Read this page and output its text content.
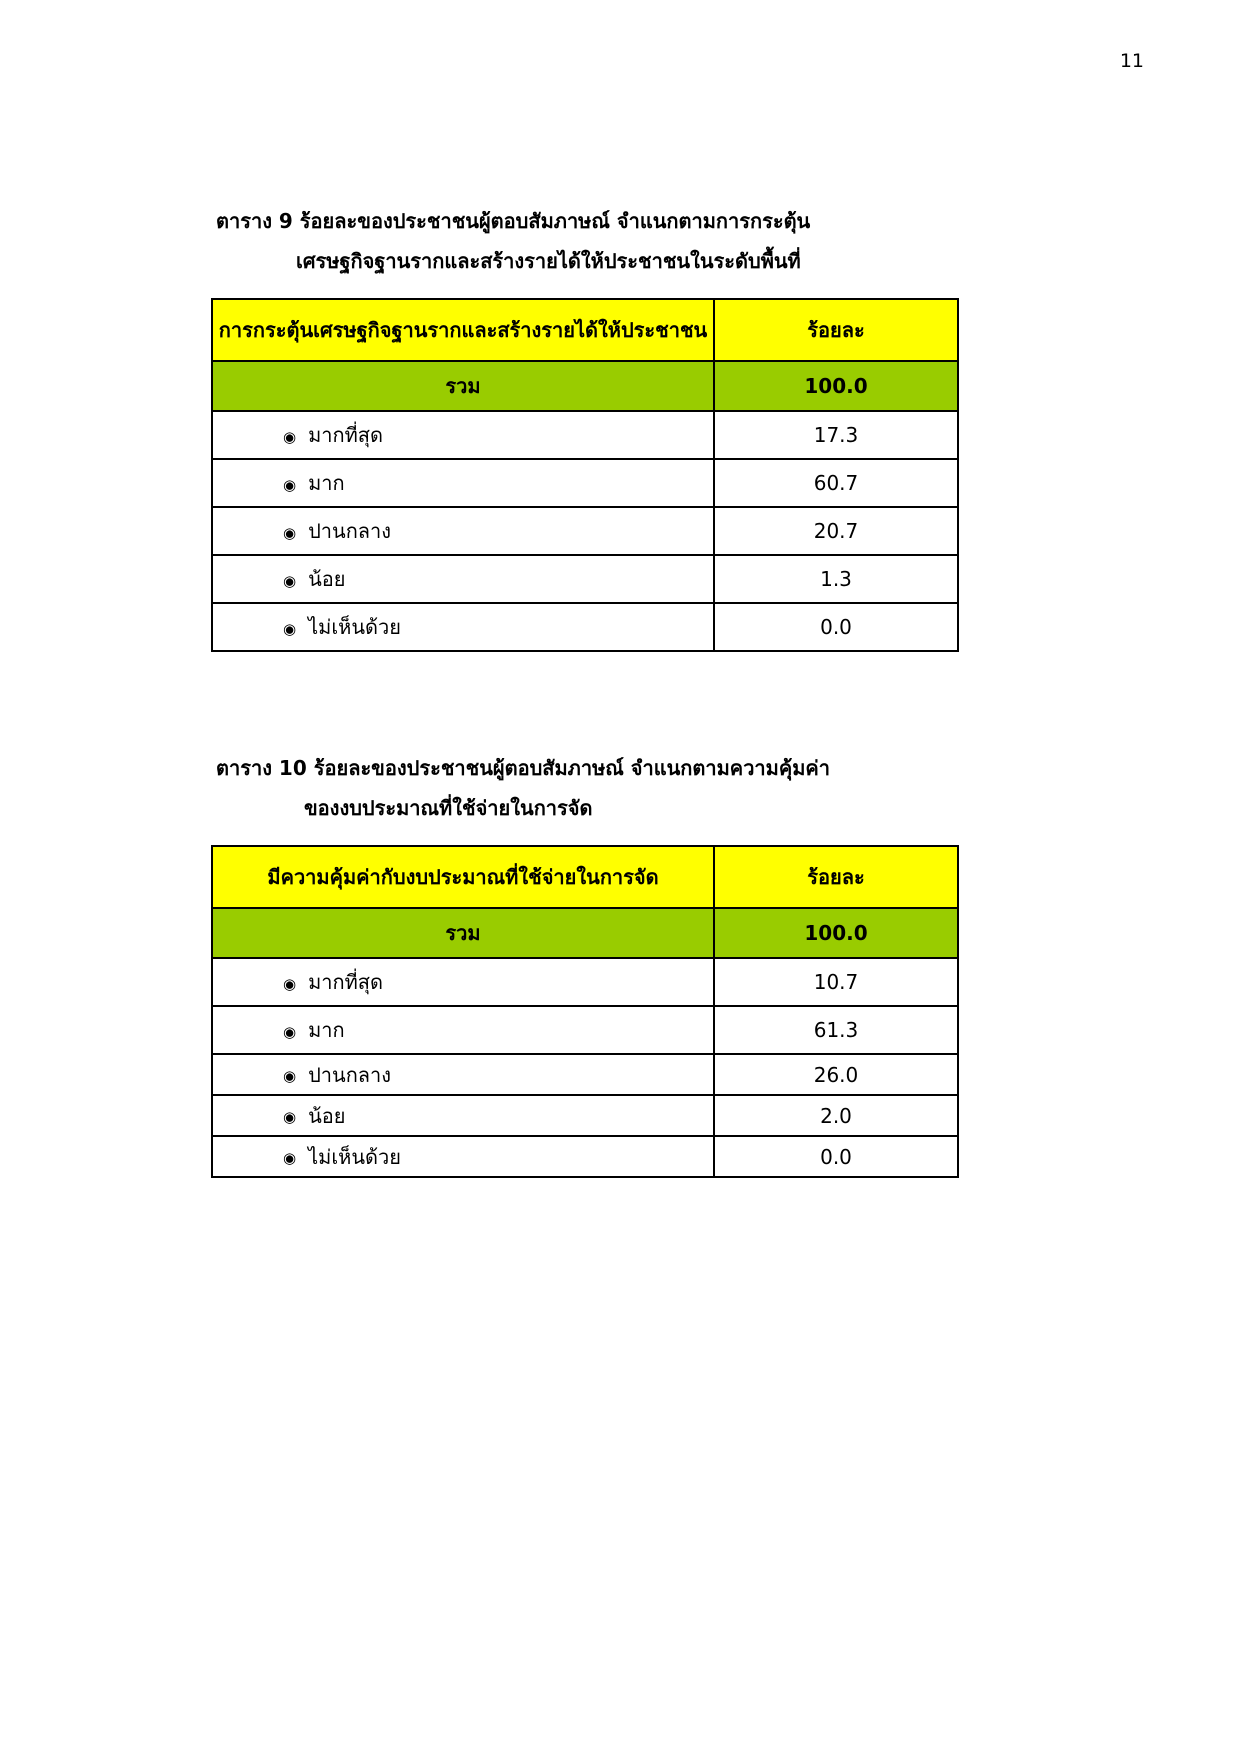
11
ตาราง 9 ร้อยละของประชาชนผู้ตอบสัมภาษณ์ จำแนกตามการกระตุ้น
เศรษฐกิจฐานรากและสร้างรายได้ให้ประชาชนในระดับพื้นที่
การกระตุ้นเศรษฐกิจฐานรากและสร้างรายได้ให้ประชาชน	ร้อยละ
รวม	100.0
◉ มากที่สุด	17.3
◉ มาก	60.7
◉ ปานกลาง	20.7
◉ น้อย	1.3
◉ ไม่เห็นด้วย	0.0
ตาราง 10 ร้อยละของประชาชนผู้ตอบสัมภาษณ์ จำแนกตามความคุ้มค่า
ของงบประมาณที่ใช้จ่ายในการจัด
มีความคุ้มค่ากับงบประมาณที่ใช้จ่ายในการจัด	ร้อยละ
รวม	100.0
◉ มากที่สุด	10.7
◉ มาก	61.3
◉ ปานกลาง	26.0
◉ น้อย	2.0
◉ ไม่เห็นด้วย	0.0
